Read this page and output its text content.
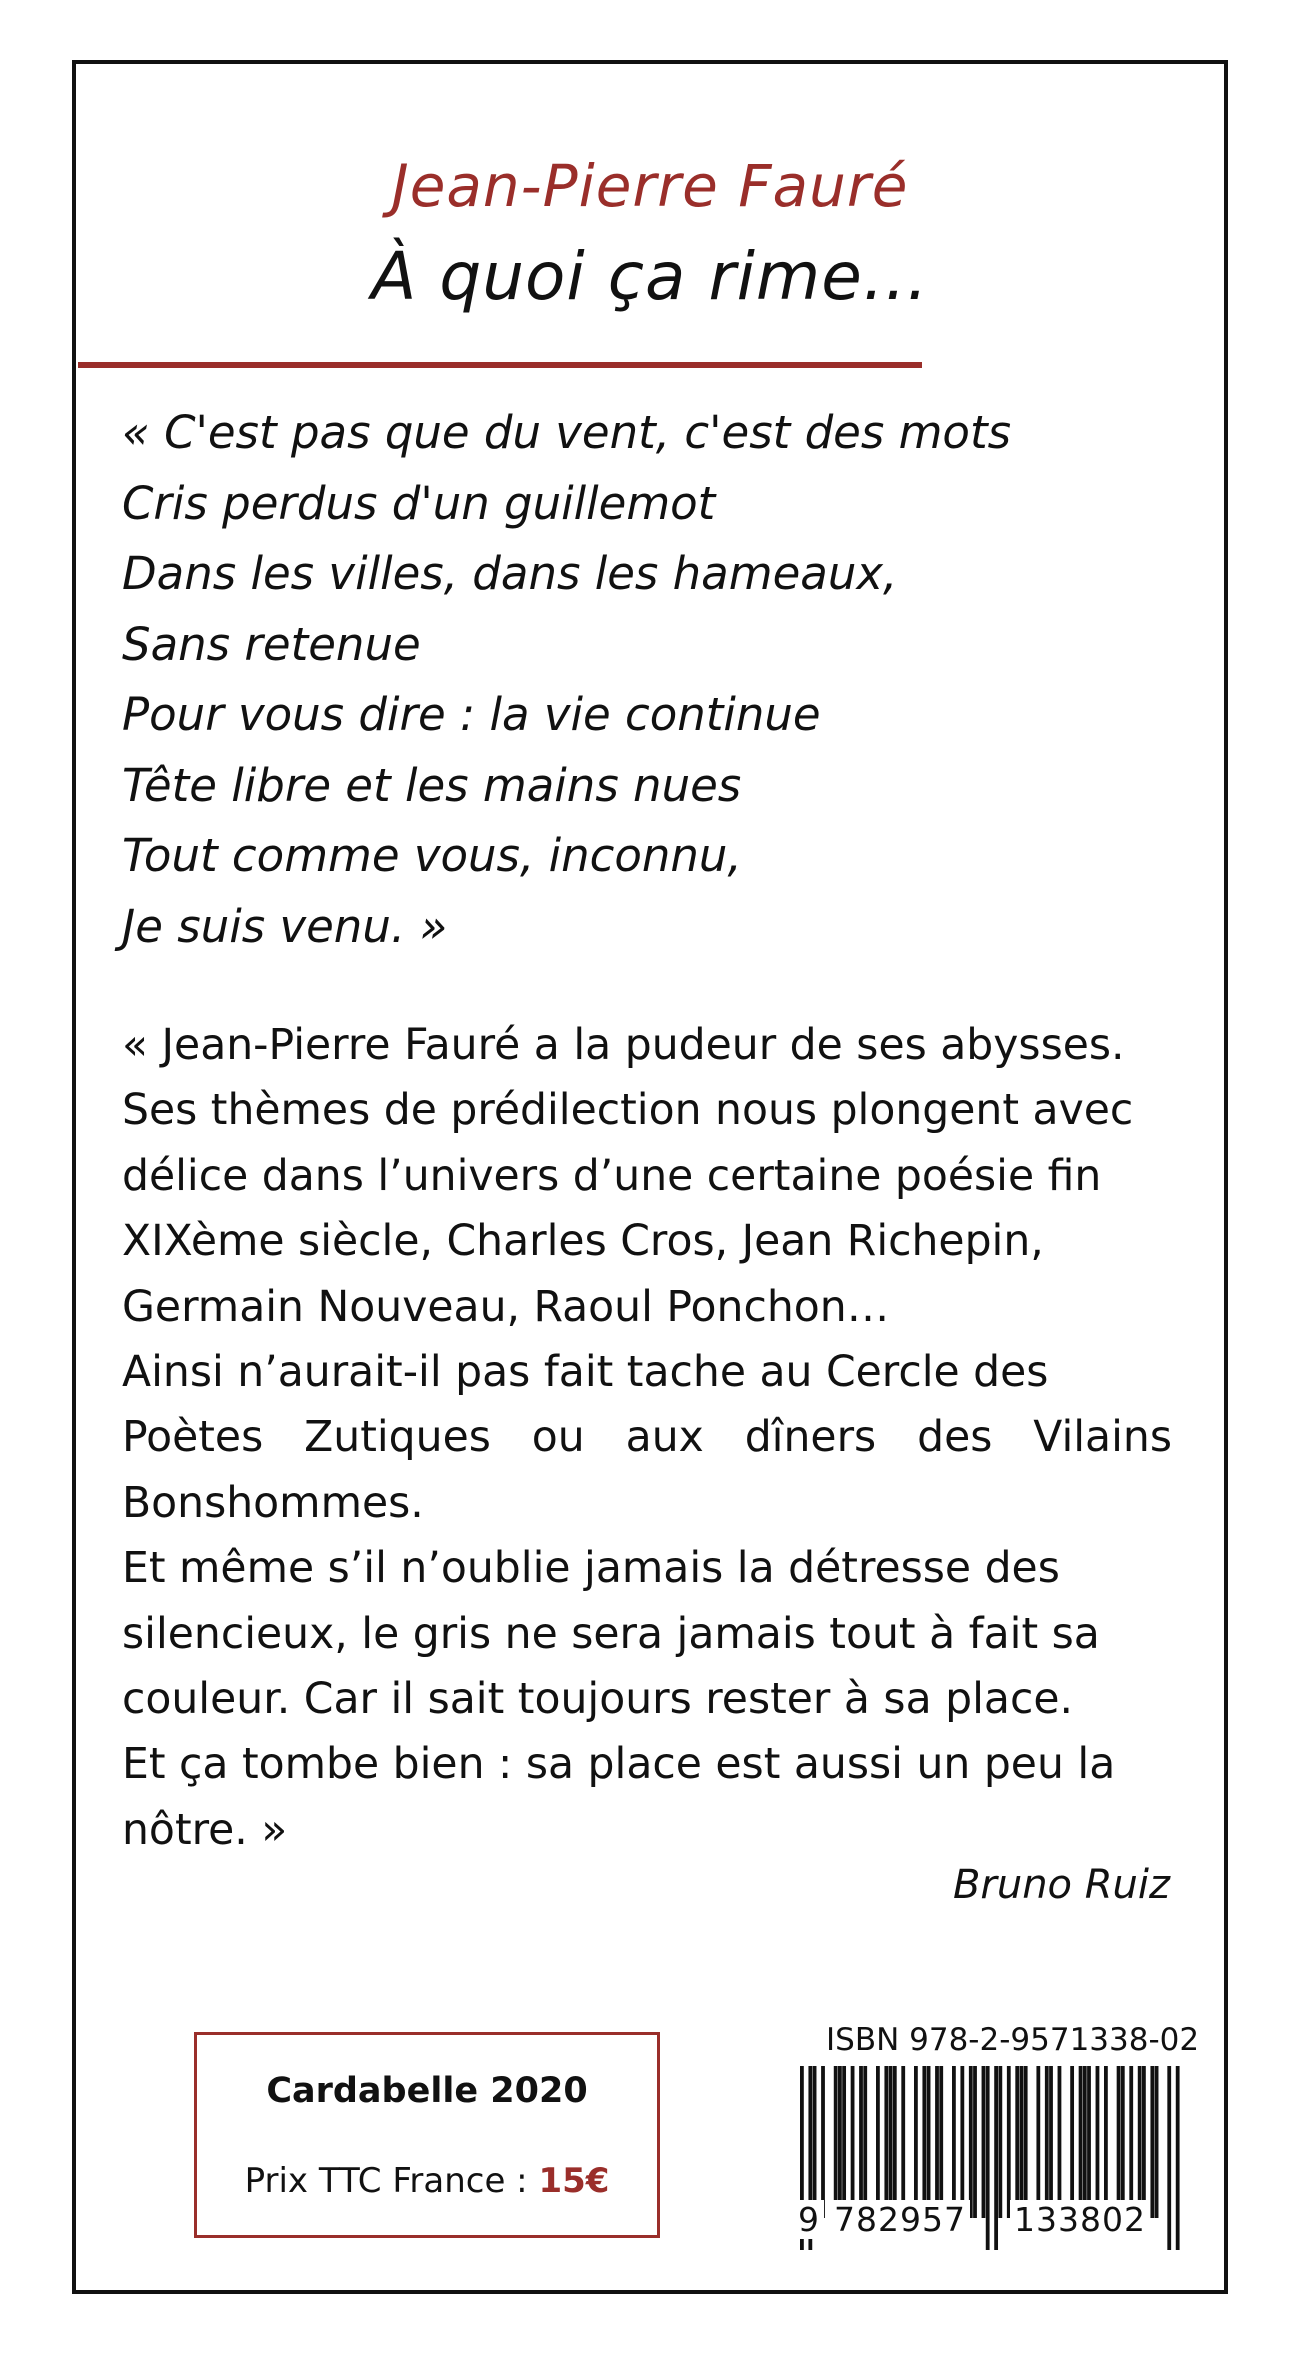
Jean-Pierre Fauré
À quoi ça rime...
« C'est pas que du vent, c'est des mots
Cris perdus d'un guillemot
Dans les villes, dans les hameaux,
Sans retenue
Pour vous dire : la vie continue
Tête libre et les mains nues
Tout comme vous, inconnu,
Je suis venu. »
« Jean-Pierre Fauré a la pudeur de ses abysses.
Ses thèmes de prédilection nous plongent avec
délice dans l’univers d’une certaine poésie fin
XIXème siècle, Charles Cros, Jean Richepin,
Germain Nouveau, Raoul Ponchon…
Ainsi n’aurait-il pas fait tache au Cercle des
Poètes Zutiques ou aux dîners des Vilains
Bonshommes.
Et même s’il n’oublie jamais la détresse des
silencieux, le gris ne sera jamais tout à fait sa
couleur. Car il sait toujours rester à sa place.
Et ça tombe bien : sa place est aussi un peu la
nôtre. »
Bruno Ruiz
Cardabelle 2020
Prix TTC France : 15€
ISBN 978-2-9571338-02
9 782957 133802
